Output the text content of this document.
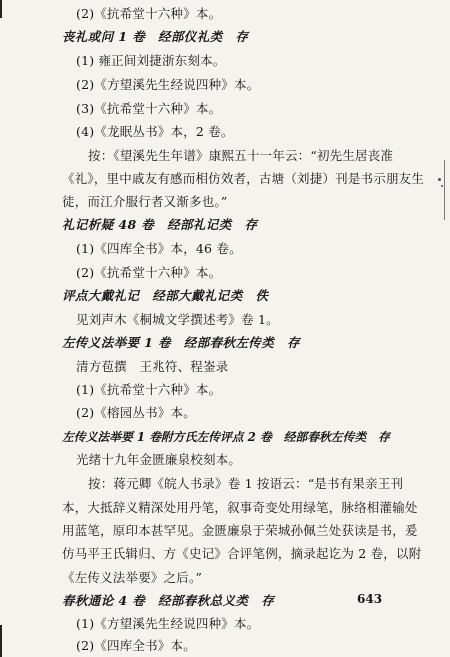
(2)《抗希堂十六种》本。
丧礼或问 1 卷　经部仪礼类　存
(1) 雍正间刘捷浙东刻本。
(2)《方望溪先生经说四种》本。
(3)《抗希堂十六种》本。
(4)《龙眠丛书》本，2 卷。
按：《望溪先生年谱》康熙五十一年云：“初先生居丧准
《礼》，里中戚友有感而相仿效者，古塘（刘捷）刊是书示朋友生
徒，而江介服行者又渐多也。”
礼记析疑 48 卷　经部礼记类　存
(1)《四库全书》本，46 卷。
(2)《抗希堂十六种》本。
评点大戴礼记　经部大戴礼记类　佚
见刘声木《桐城文学撰述考》卷 1。
左传义法举要 1 卷　经部春秋左传类　存
清方苞撰　王兆符、程崟录
(1)《抗希堂十六种》本。
(2)《榕园丛书》本。
左传义法举要 1 卷附方氏左传评点 2 卷　经部春秋左传类　存
光绪十九年金匮廉泉校刻本。
按：蒋元卿《皖人书录》卷 1 按语云：“是书有果亲王刊
本，大抵辞义精深处用丹笔，叙事奇变处用绿笔，脉络相灌输处
用蓝笔，原印本甚罕见。金匮廉泉于荣城孙佩兰处获读是书，爰
仿马平王氏辑归、方《史记》合评笔例，摘录起讫为 2 卷，以附
《左传义法举要》之后。”
春秋通论 4 卷　经部春秋总义类　存
(1)《方望溪先生经说四种》本。
(2)《四库全书》本。
643
